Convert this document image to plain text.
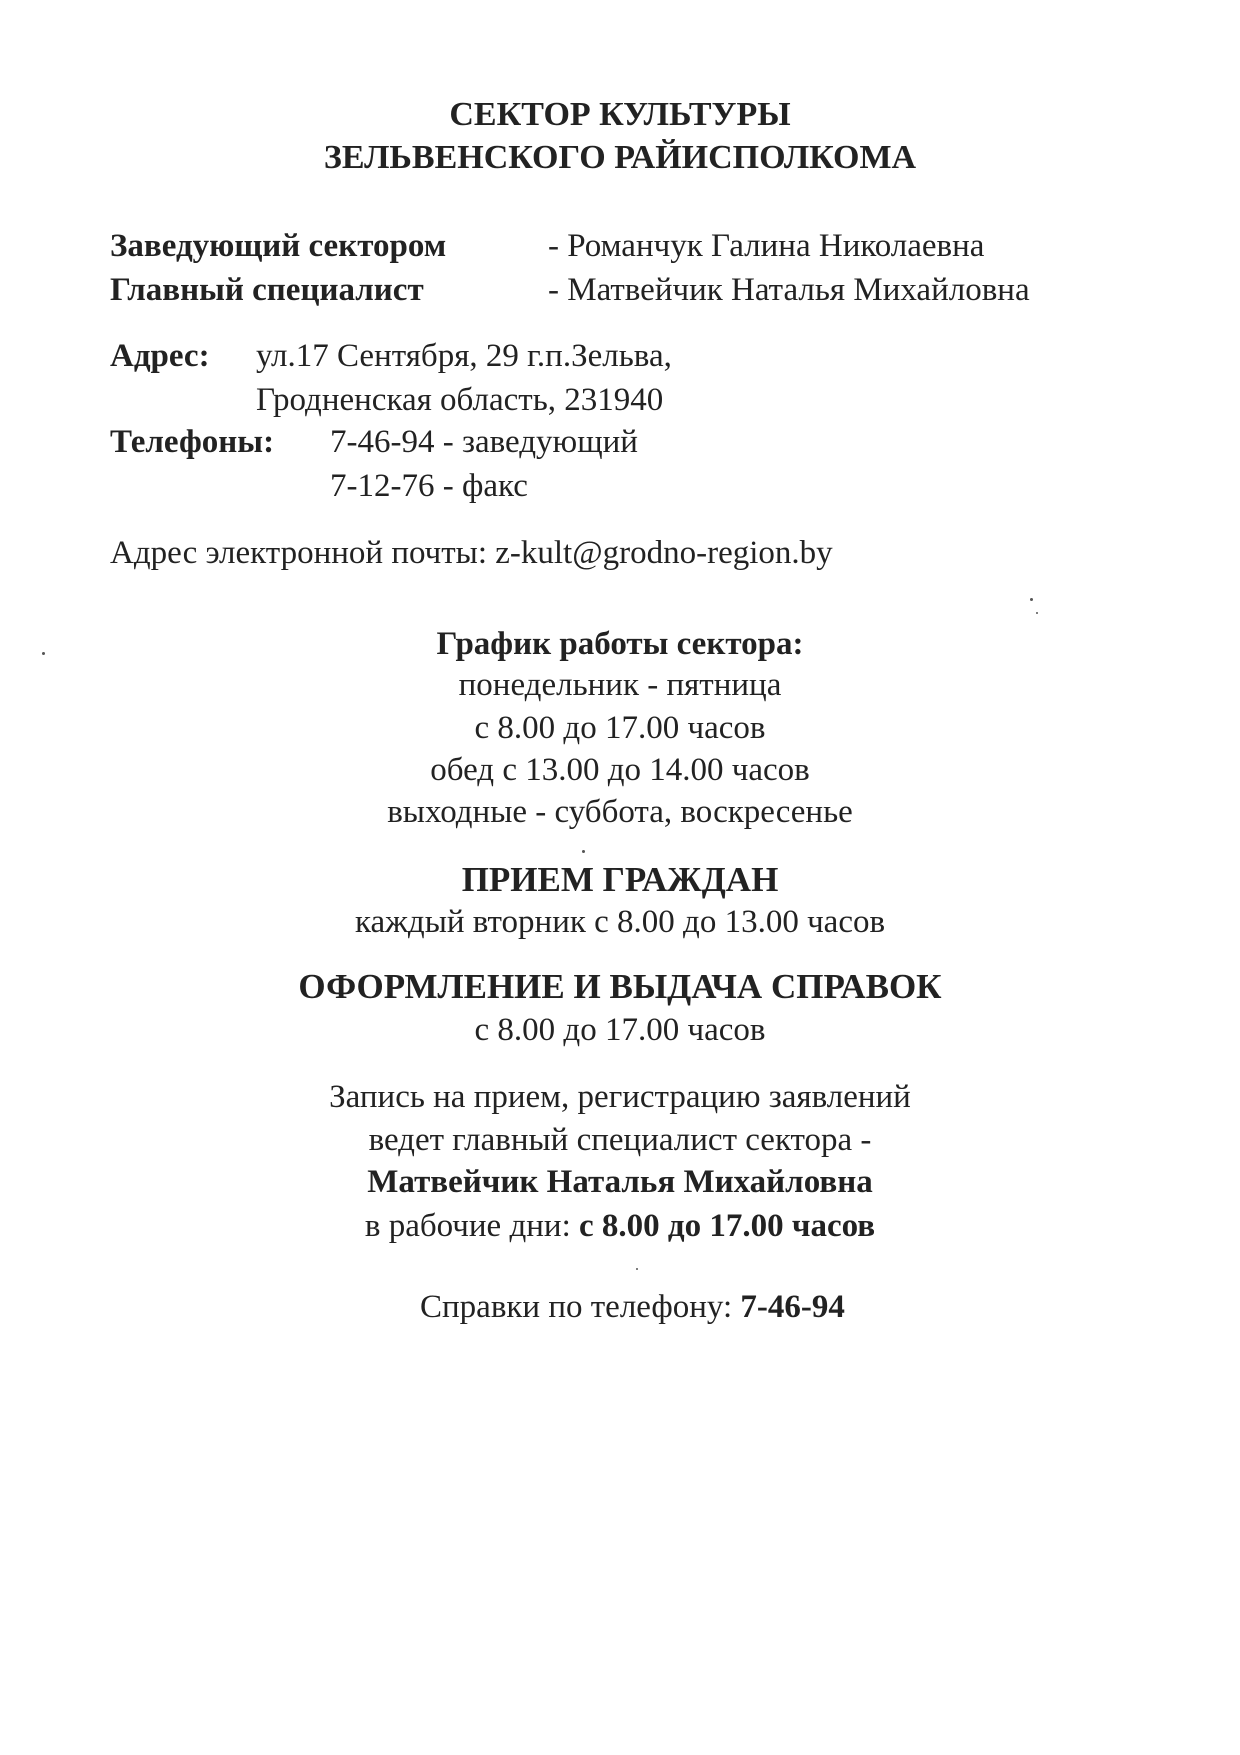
СЕКТОР КУЛЬТУРЫ
ЗЕЛЬВЕНСКОГО РАЙИСПОЛКОМА
Заведующий сектором	- Романчук Галина Николаевна
Главный специалист	- Матвейчик Наталья Михайловна
Адрес: ул.17 Сентября, 29 г.п.Зельва,
Гродненская область, 231940
Телефоны: 7-46-94 - заведующий
7-12-76 - факс
Адрес электронной почты: z-kult@grodno-region.by
График работы сектора:
понедельник - пятница
с 8.00 до 17.00 часов
обед с 13.00 до 14.00 часов
выходные - суббота, воскресенье
ПРИЕМ ГРАЖДАН
каждый вторник с 8.00 до 13.00 часов
ОФОРМЛЕНИЕ И ВЫДАЧА СПРАВОК
с 8.00 до 17.00 часов
Запись на прием, регистрацию заявлений
ведет главный специалист сектора -
Матвейчик Наталья Михайловна
в рабочие дни: с 8.00 до 17.00 часов
Справки по телефону: 7-46-94
